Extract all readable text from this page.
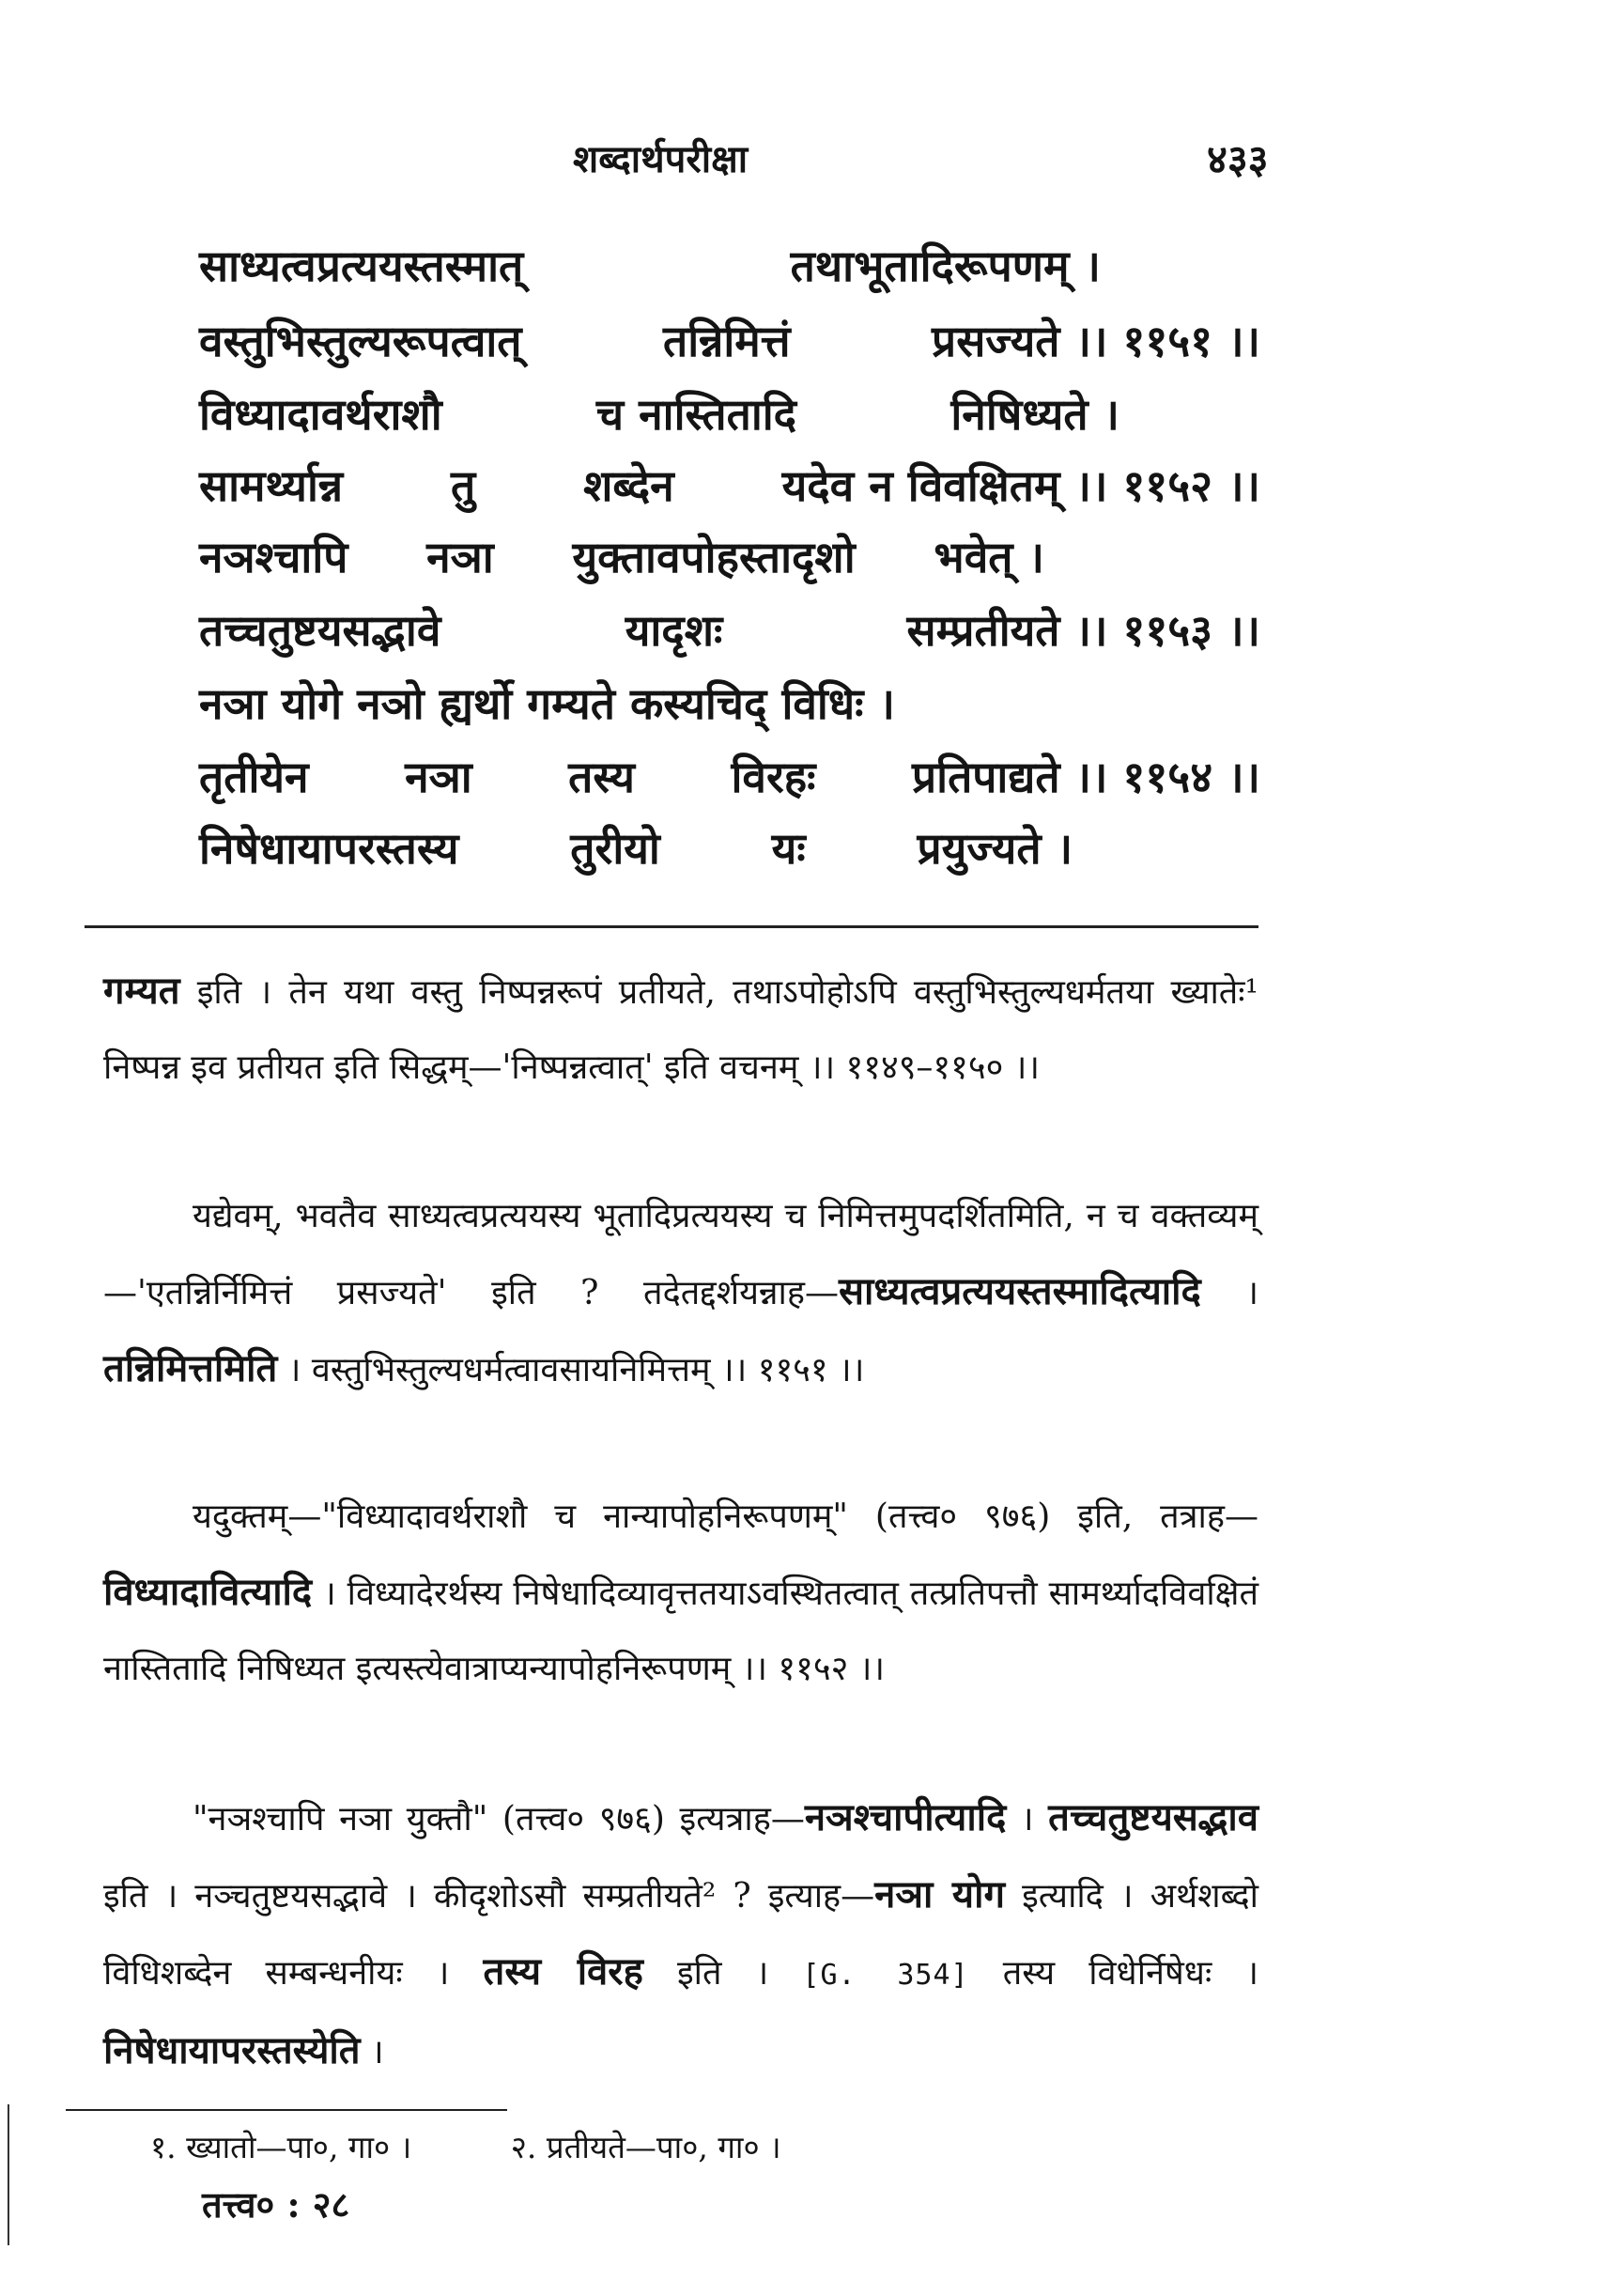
शब्दार्थपरीक्षा	४३३
साध्यत्वप्रत्ययस्तस्मात्	तथाभूतादिरूपणम् ।
वस्तुभिस्तुल्यरूपत्वात्	तन्निमित्तं	प्रसज्यते ।। ११५१ ।।
विध्यादावर्थराशौ	च नास्तितादि	निषिध्यते ।
सामर्थ्यान्न तु शब्देन यदेव न विवक्षितम् ।। ११५२ ।।
नञश्चापि नञा युक्तावपोहस्तादृशो भवेत् ।
तच्चतुष्टयसद्भावे	यादृशः	सम्प्रतीयते ।। ११५३ ।।
नञा योगे नञो ह्यर्थो गम्यते कस्यचिद् विधिः ।
तृतीयेन नञा तस्य विरहः प्रतिपाद्यते ।। ११५४ ।।
निषेधायापरस्तस्य	तुरीयो	यः	प्रयुज्यते ।
गम्यत इति । तेन यथा वस्तु निष्पन्नरूपं प्रतीयते, तथाऽपोहोऽपि वस्तुभिस्तुल्यधर्मतया ख्यातेः¹ निष्पन्न इव प्रतीयत इति सिद्धम्—'निष्पन्नत्वात्' इति वचनम् ।। ११४९–११५० ।।
यद्येवम्, भवतैव साध्यत्वप्रत्ययस्य भूतादिप्रत्ययस्य च निमित्तमुपदर्शितमिति, न च वक्तव्यम्—'एतन्निर्निमित्तं प्रसज्यते' इति ? तदेतद्दर्शयन्नाह—साध्यत्वप्रत्ययस्तस्मादित्यादि । तन्निमित्तमिति । वस्तुभिस्तुल्यधर्मत्वावसायनिमित्तम् ।। ११५१ ।।
यदुक्तम्—"विध्यादावर्थराशौ च नान्यापोहनिरूपणम्" (तत्त्व० ९७६) इति, तत्राह—विध्यादावित्यादि । विध्यादेरर्थस्य निषेधादिव्यावृत्ततयाऽवस्थितत्वात् तत्प्रतिपत्तौ सामर्थ्यादविवक्षितं नास्तितादि निषिध्यत इत्यस्त्येवात्राप्यन्यापोहनिरूपणम् ।। ११५२ ।।
"नञश्चापि नञा युक्तौ" (तत्त्व० ९७६) इत्यत्राह—नञश्चापीत्यादि । तच्चतुष्टयसद्भाव इति । नञ्चतुष्टयसद्भावे । कीदृशोऽसौ सम्प्रतीयते² ? इत्याह—नञा योग इत्यादि । अर्थशब्दो विधिशब्देन सम्बन्धनीयः । तस्य विरह इति । [G. 354] तस्य विधेर्निषेधः । निषेधायापरस्तस्येति ।
१. ख्यातो—पा०, गा० ।	२. प्रतीयते—पा०, गा० ।
तत्त्व० : २८
